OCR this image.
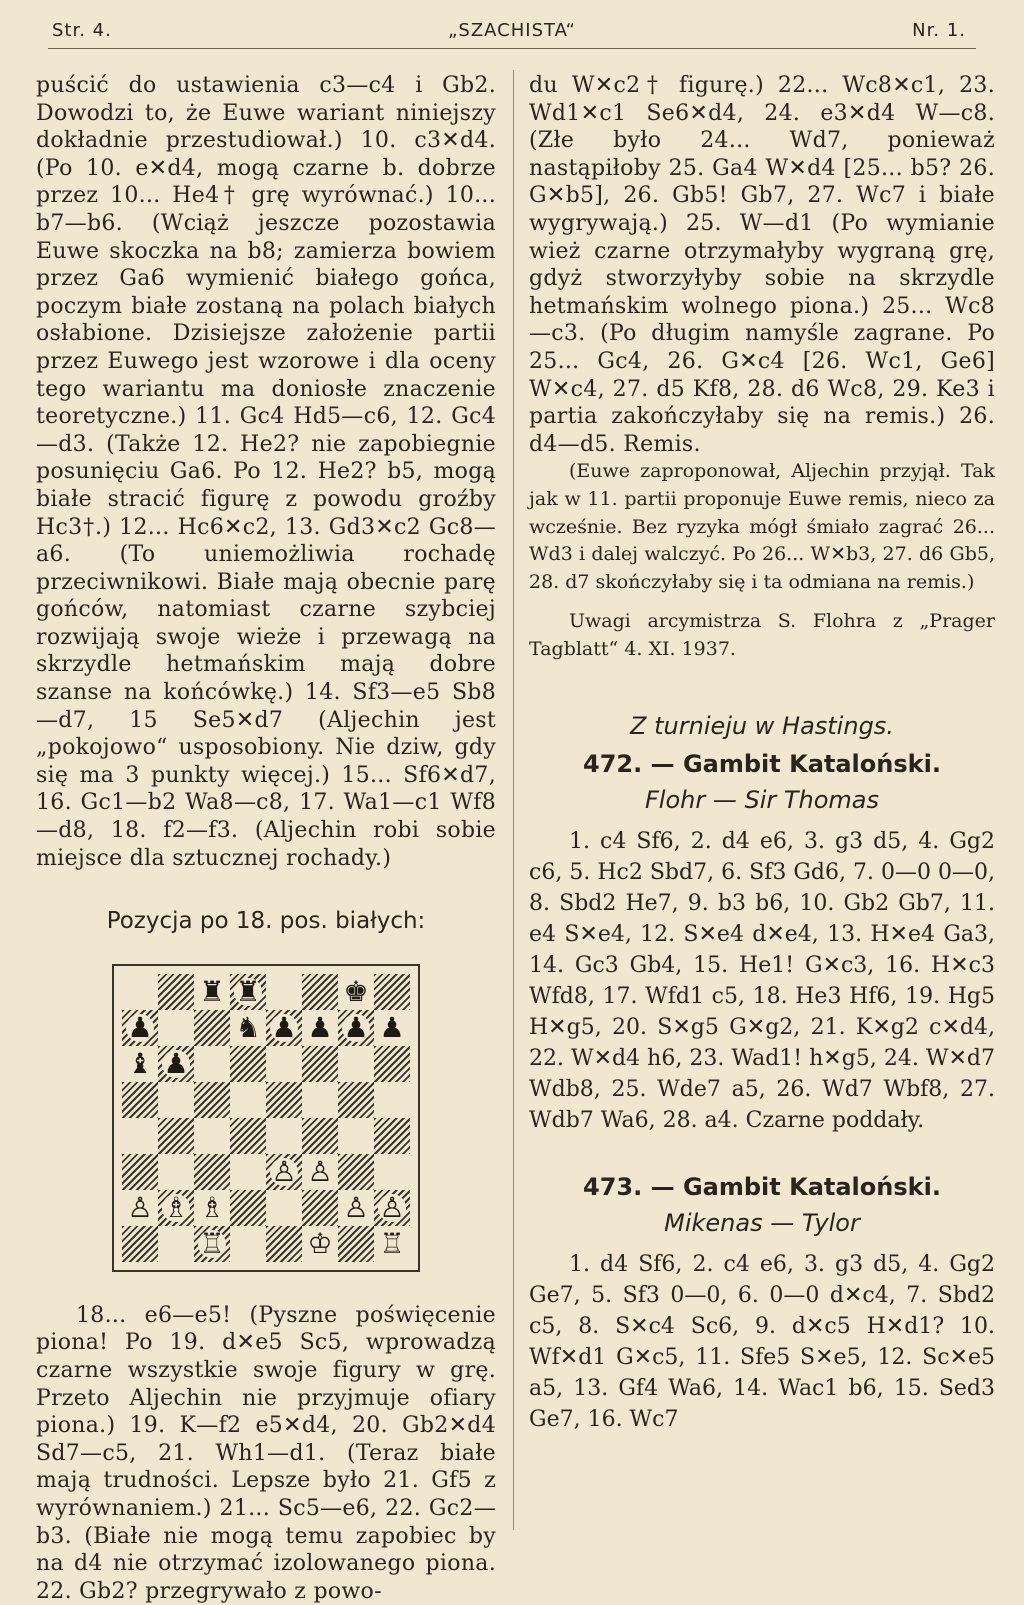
Str. 4.	„SZACHISTA“	Nr. 1.

puścić do ustawienia c3—c4 i Gb2. Dowodzi to, że Euwe wariant niniejszy dokładnie przestudiował.) 10. c3✕d4. (Po 10. e✕d4, mogą czarne b. dobrze przez 10... He4† grę wyrównać.) 10... b7—b6. (Wciąż jeszcze pozostawia Euwe skoczka na b8; zamierza bowiem przez Ga6 wymienić białego gońca, poczym białe zostaną na polach białych osłabione. Dzisiejsze założenie partii przez Euwego jest wzorowe i dla oceny tego wariantu ma doniosłe znaczenie teoretyczne.) 11. Gc4 Hd5—c6, 12. Gc4—d3. (Także 12. He2? nie zapobiegnie posunięciu Ga6. Po 12. He2? b5, mogą białe stracić figurę z powodu groźby Hc3†.) 12... Hc6✕c2, 13. Gd3✕c2 Gc8—a6. (To uniemożliwia rochadę przeciwnikowi. Białe mają obecnie parę gońców, natomiast czarne szybciej rozwijają swoje wieże i przewagą na skrzydle hetmańskim mają dobre szanse na końcówkę.) 14. Sf3—e5 Sb8—d7, 15 Se5✕d7 (Aljechin jest „pokojowo“ usposobiony. Nie dziw, gdy się ma 3 punkty więcej.) 15... Sf6✕d7, 16. Gc1—b2 Wa8—c8, 17. Wa1—c1 Wf8—d8, 18. f2—f3. (Aljechin robi sobie miejsce dla sztucznej rochady.)

Pozycja po 18. pos. białych:
♜ ♜	♚
♟	♞ ♟ ♟ ♟ ♟
♝ ♟
♙ ♙
♙ ♗ ♗	♙ ♙
♖	♔ ♖

18... e6—e5! (Pyszne poświęcenie piona! Po 19. d✕e5 Sc5, wprowadzą czarne wszystkie swoje figury w grę. Przeto Aljechin nie przyjmuje ofiary piona.) 19. K—f2 e5✕d4, 20. Gb2✕d4 Sd7—c5, 21. Wh1—d1. (Teraz białe mają trudności. Lepsze było 21. Gf5 z wyrównaniem.) 21... Sc5—e6, 22. Gc2—b3. (Białe nie mogą temu zapobiec by na d4 nie otrzymać izolowanego piona. 22. Gb2? przegrywało z powo-

du W✕c2† figurę.) 22... Wc8✕c1, 23. Wd1✕c1 Se6✕d4, 24. e3✕d4 W—c8. (Złe było 24... Wd7, ponieważ nastąpiłoby 25. Ga4 W✕d4 [25... b5? 26. G✕b5], 26. Gb5! Gb7, 27. Wc7 i białe wygrywają.) 25. W—d1 (Po wymianie wież czarne otrzymałyby wygraną grę, gdyż stworzyłyby sobie na skrzydle hetmańskim wolnego piona.) 25... Wc8—c3. (Po długim namyśle zagrane. Po 25... Gc4, 26. G✕c4 [26. Wc1, Ge6] W✕c4, 27. d5 Kf8, 28. d6 Wc8, 29. Ke3 i partia zakończyłaby się na remis.) 26. d4—d5. Remis.

(Euwe zaproponował, Aljechin przyjął. Tak jak w 11. partii proponuje Euwe remis, nieco za wcześnie. Bez ryzyka mógł śmiało zagrać 26... Wd3 i dalej walczyć. Po 26... W✕b3, 27. d6 Gb5, 28. d7 skończyłaby się i ta odmiana na remis.)

Uwagi arcymistrza S. Flohra z „Prager Tagblatt“ 4. XI. 1937.

Z turnieju w Hastings.
472. — Gambit Kataloński.
Flohr — Sir Thomas

1. c4 Sf6, 2. d4 e6, 3. g3 d5, 4. Gg2 c6, 5. Hc2 Sbd7, 6. Sf3 Gd6, 7. 0—0 0—0, 8. Sbd2 He7, 9. b3 b6, 10. Gb2 Gb7, 11. e4 S✕e4, 12. S✕e4 d✕e4, 13. H✕e4 Ga3, 14. Gc3 Gb4, 15. He1! G✕c3, 16. H✕c3 Wfd8, 17. Wfd1 c5, 18. He3 Hf6, 19. Hg5 H✕g5, 20. S✕g5 G✕g2, 21. K✕g2 c✕d4, 22. W✕d4 h6, 23. Wad1! h✕g5, 24. W✕d7 Wdb8, 25. Wde7 a5, 26. Wd7 Wbf8, 27. Wdb7 Wa6, 28. a4. Czarne poddały.

473. — Gambit Kataloński.
Mikenas — Tylor

1. d4 Sf6, 2. c4 e6, 3. g3 d5, 4. Gg2 Ge7, 5. Sf3 0—0, 6. 0—0 d✕c4, 7. Sbd2 c5, 8. S✕c4 Sc6, 9. d✕c5 H✕d1? 10. Wf✕d1 G✕c5, 11. Sfe5 S✕e5, 12. Sc✕e5 a5, 13. Gf4 Wa6, 14. Wac1 b6, 15. Sed3 Ge7, 16. Wc7
